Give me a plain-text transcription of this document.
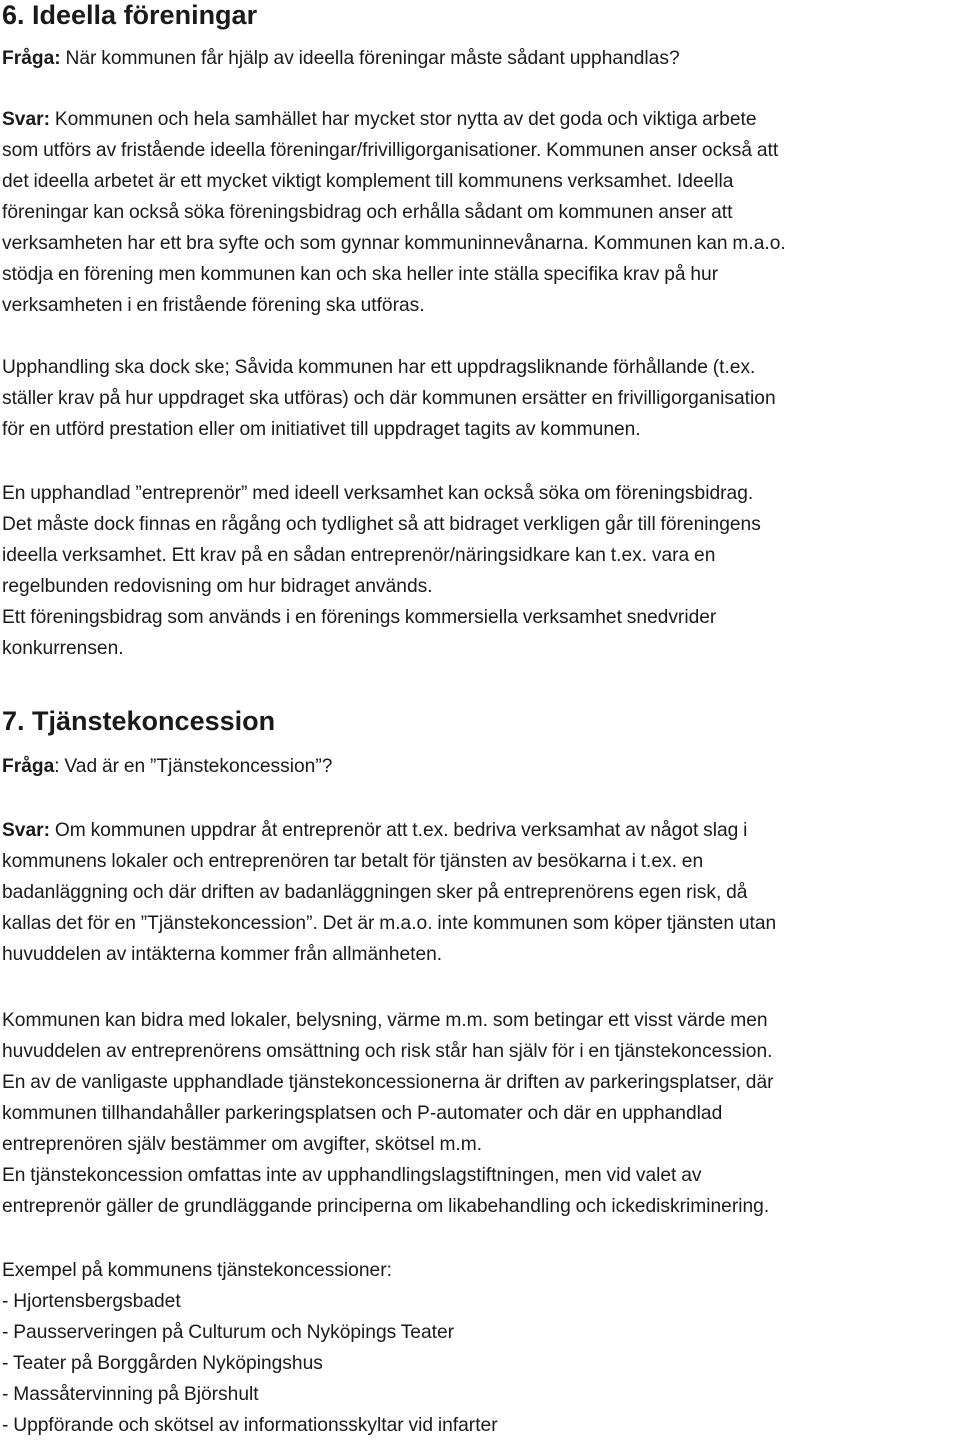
6. Ideella föreningar

Fråga: När kommunen får hjälp av ideella föreningar måste sådant upphandlas?

Svar: Kommunen och hela samhället har mycket stor nytta av det goda och viktiga arbete
som utförs av fristående ideella föreningar/frivilligorganisationer. Kommunen anser också att
det ideella arbetet är ett mycket viktigt komplement till kommunens verksamhet. Ideella
föreningar kan också söka föreningsbidrag och erhålla sådant om kommunen anser att
verksamheten har ett bra syfte och som gynnar kommuninnevånarna. Kommunen kan m.a.o.
stödja en förening men kommunen kan och ska heller inte ställa specifika krav på hur
verksamheten i en fristående förening ska utföras.

Upphandling ska dock ske; Såvida kommunen har ett uppdragsliknande förhållande (t.ex.
ställer krav på hur uppdraget ska utföras) och där kommunen ersätter en frivilligorganisation
för en utförd prestation eller om initiativet till uppdraget tagits av kommunen.

En upphandlad ”entreprenör” med ideell verksamhet kan också söka om föreningsbidrag.
Det måste dock finnas en rågång och tydlighet så att bidraget verkligen går till föreningens
ideella verksamhet. Ett krav på en sådan entreprenör/näringsidkare kan t.ex. vara en
regelbunden redovisning om hur bidraget används.
Ett föreningsbidrag som används i en förenings kommersiella verksamhet snedvrider
konkurrensen.

7. Tjänstekoncession

Fråga: Vad är en ”Tjänstekoncession”?

Svar: Om kommunen uppdrar åt entreprenör att t.ex. bedriva verksamhat av något slag i
kommunens lokaler och entreprenören tar betalt för tjänsten av besökarna i t.ex. en
badanläggning och där driften av badanläggningen sker på entreprenörens egen risk, då
kallas det för en ”Tjänstekoncession”. Det är m.a.o. inte kommunen som köper tjänsten utan
huvuddelen av intäkterna kommer från allmänheten.

Kommunen kan bidra med lokaler, belysning, värme m.m. som betingar ett visst värde men
huvuddelen av entreprenörens omsättning och risk står han själv för i en tjänstekoncession.
En av de vanligaste upphandlade tjänstekoncessionerna är driften av parkeringsplatser, där
kommunen tillhandahåller parkeringsplatsen och P-automater och där en upphandlad
entreprenören själv bestämmer om avgifter, skötsel m.m.
En tjänstekoncession omfattas inte av upphandlingslagstiftningen, men vid valet av
entreprenör gäller de grundläggande principerna om likabehandling och ickediskriminering.

Exempel på kommunens tjänstekoncessioner:
- Hjortensbergsbadet
- Pausserveringen på Culturum och Nyköpings Teater
- Teater på Borggården Nyköpingshus
- Massåtervinning på Björshult
- Uppförande och skötsel av informationsskyltar vid infarter
